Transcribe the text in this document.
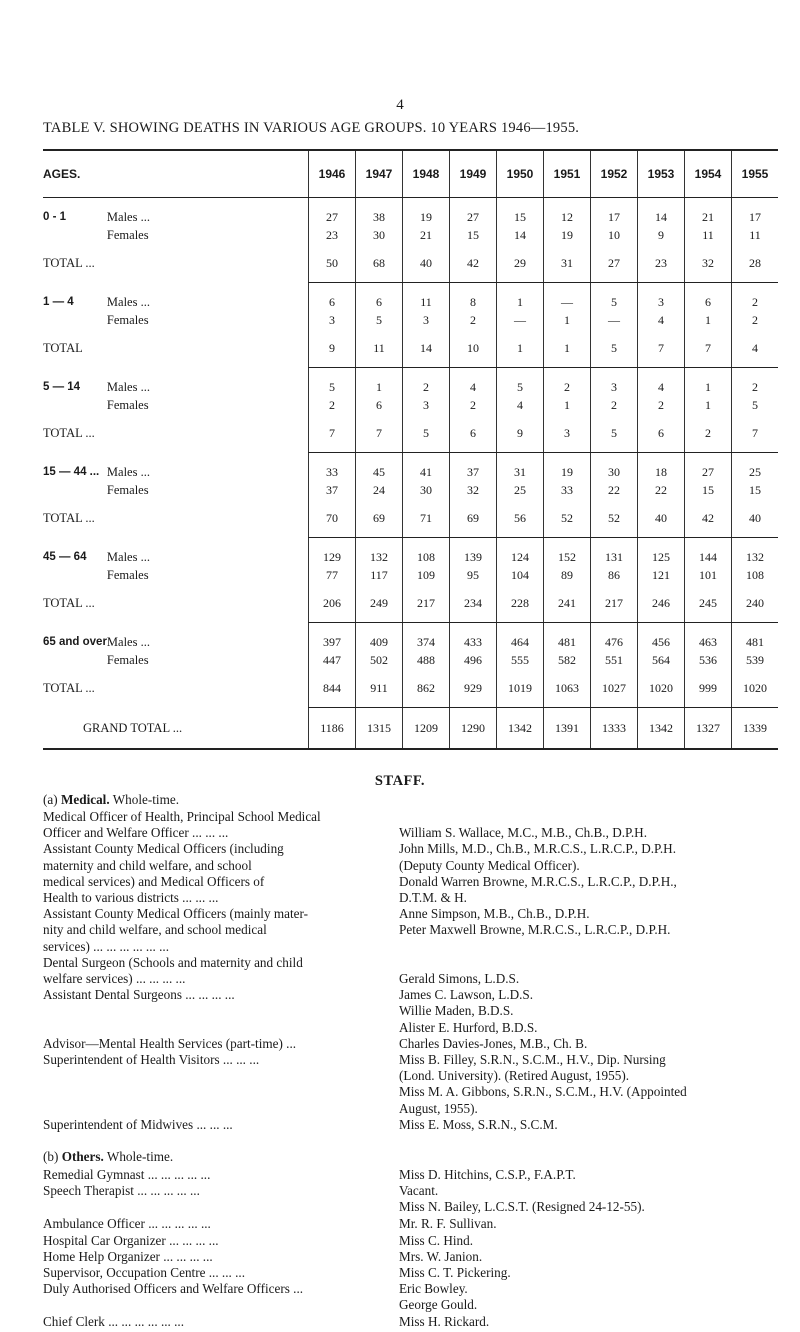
4
TABLE V. SHOWING DEATHS IN VARIOUS AGE GROUPS. 10 YEARS 1946—1955.
AGES.		1946	1947	1948	1949	1950	1951	1952	1953	1954	1955
0 - 1	Males ...	27	38	19	27	15	12	17	14	21	17
	Females	23	30	21	15	14	19	10	9	11	11
TOTAL ...		50	68	40	42	29	31	27	23	32	28
1 — 4	Males ...	6	6	11	8	1	—	5	3	6	2
	Females	3	5	3	2	—	1	—	4	1	2
TOTAL		9	11	14	10	1	1	5	7	7	4
5 — 14	Males ...	5	1	2	4	5	2	3	4	1	2
	Females	2	6	3	2	4	1	2	2	1	5
TOTAL ...		7	7	5	6	9	3	5	6	2	7
15 — 44 ...	Males ...	33	45	41	37	31	19	30	18	27	25
	Females	37	24	30	32	25	33	22	22	15	15
TOTAL ...		70	69	71	69	56	52	52	40	42	40
45 — 64	Males ...	129	132	108	139	124	152	131	125	144	132
	Females	77	117	109	95	104	89	86	121	101	108
TOTAL ...		206	249	217	234	228	241	217	246	245	240
65 and over	Males ...	397	409	374	433	464	481	476	456	463	481
	Females	447	502	488	496	555	582	551	564	536	539
TOTAL ...		844	911	862	929	1019	1063	1027	1020	999	1020
GRAND TOTAL ...		1186	1315	1209	1290	1342	1391	1333	1342	1327	1339
STAFF.
(a) Medical. Whole-time.
Medical Officer of Health, Principal School Medical
Officer and Welfare Officer ... ... ...	William S. Wallace, M.C., M.B., Ch.B., D.P.H.
Assistant County Medical Officers (including	John Mills, M.D., Ch.B., M.R.C.S., L.R.C.P., D.P.H.
maternity and child welfare, and school	(Deputy County Medical Officer).
medical services) and Medical Officers of	Donald Warren Browne, M.R.C.S., L.R.C.P., D.P.H.,
Health to various districts ... ... ...	D.T.M. & H.
Assistant County Medical Officers (mainly mater-	Anne Simpson, M.B., Ch.B., D.P.H.
nity and child welfare, and school medical	Peter Maxwell Browne, M.R.C.S., L.R.C.P., D.P.H.
services) ... ... ... ... ... ...
Dental Surgeon (Schools and maternity and child
welfare services) ... ... ... ...	Gerald Simons, L.D.S.
Assistant Dental Surgeons ... ... ... ...	James C. Lawson, L.D.S.
Willie Maden, B.D.S.
Alister E. Hurford, B.D.S.
Advisor—Mental Health Services (part-time) ...	Charles Davies-Jones, M.B., Ch. B.
Superintendent of Health Visitors ... ... ...	Miss B. Filley, S.R.N., S.C.M., H.V., Dip. Nursing
(Lond. University). (Retired August, 1955).
Miss M. A. Gibbons, S.R.N., S.C.M., H.V. (Appointed
August, 1955).
Superintendent of Midwives ... ... ...	Miss E. Moss, S.R.N., S.C.M.
(b) Others. Whole-time.
Remedial Gymnast ... ... ... ... ...	Miss D. Hitchins, C.S.P., F.A.P.T.
Speech Therapist ... ... ... ... ...	Vacant.
Miss N. Bailey, L.C.S.T. (Resigned 24-12-55).
Ambulance Officer ... ... ... ... ...	Mr. R. F. Sullivan.
Hospital Car Organizer ... ... ... ...	Miss C. Hind.
Home Help Organizer ... ... ... ...	Mrs. W. Janion.
Supervisor, Occupation Centre ... ... ...	Miss C. T. Pickering.
Duly Authorised Officers and Welfare Officers ...	Eric Bowley.
George Gould.
Chief Clerk ... ... ... ... ... ...	Miss H. Rickard.
